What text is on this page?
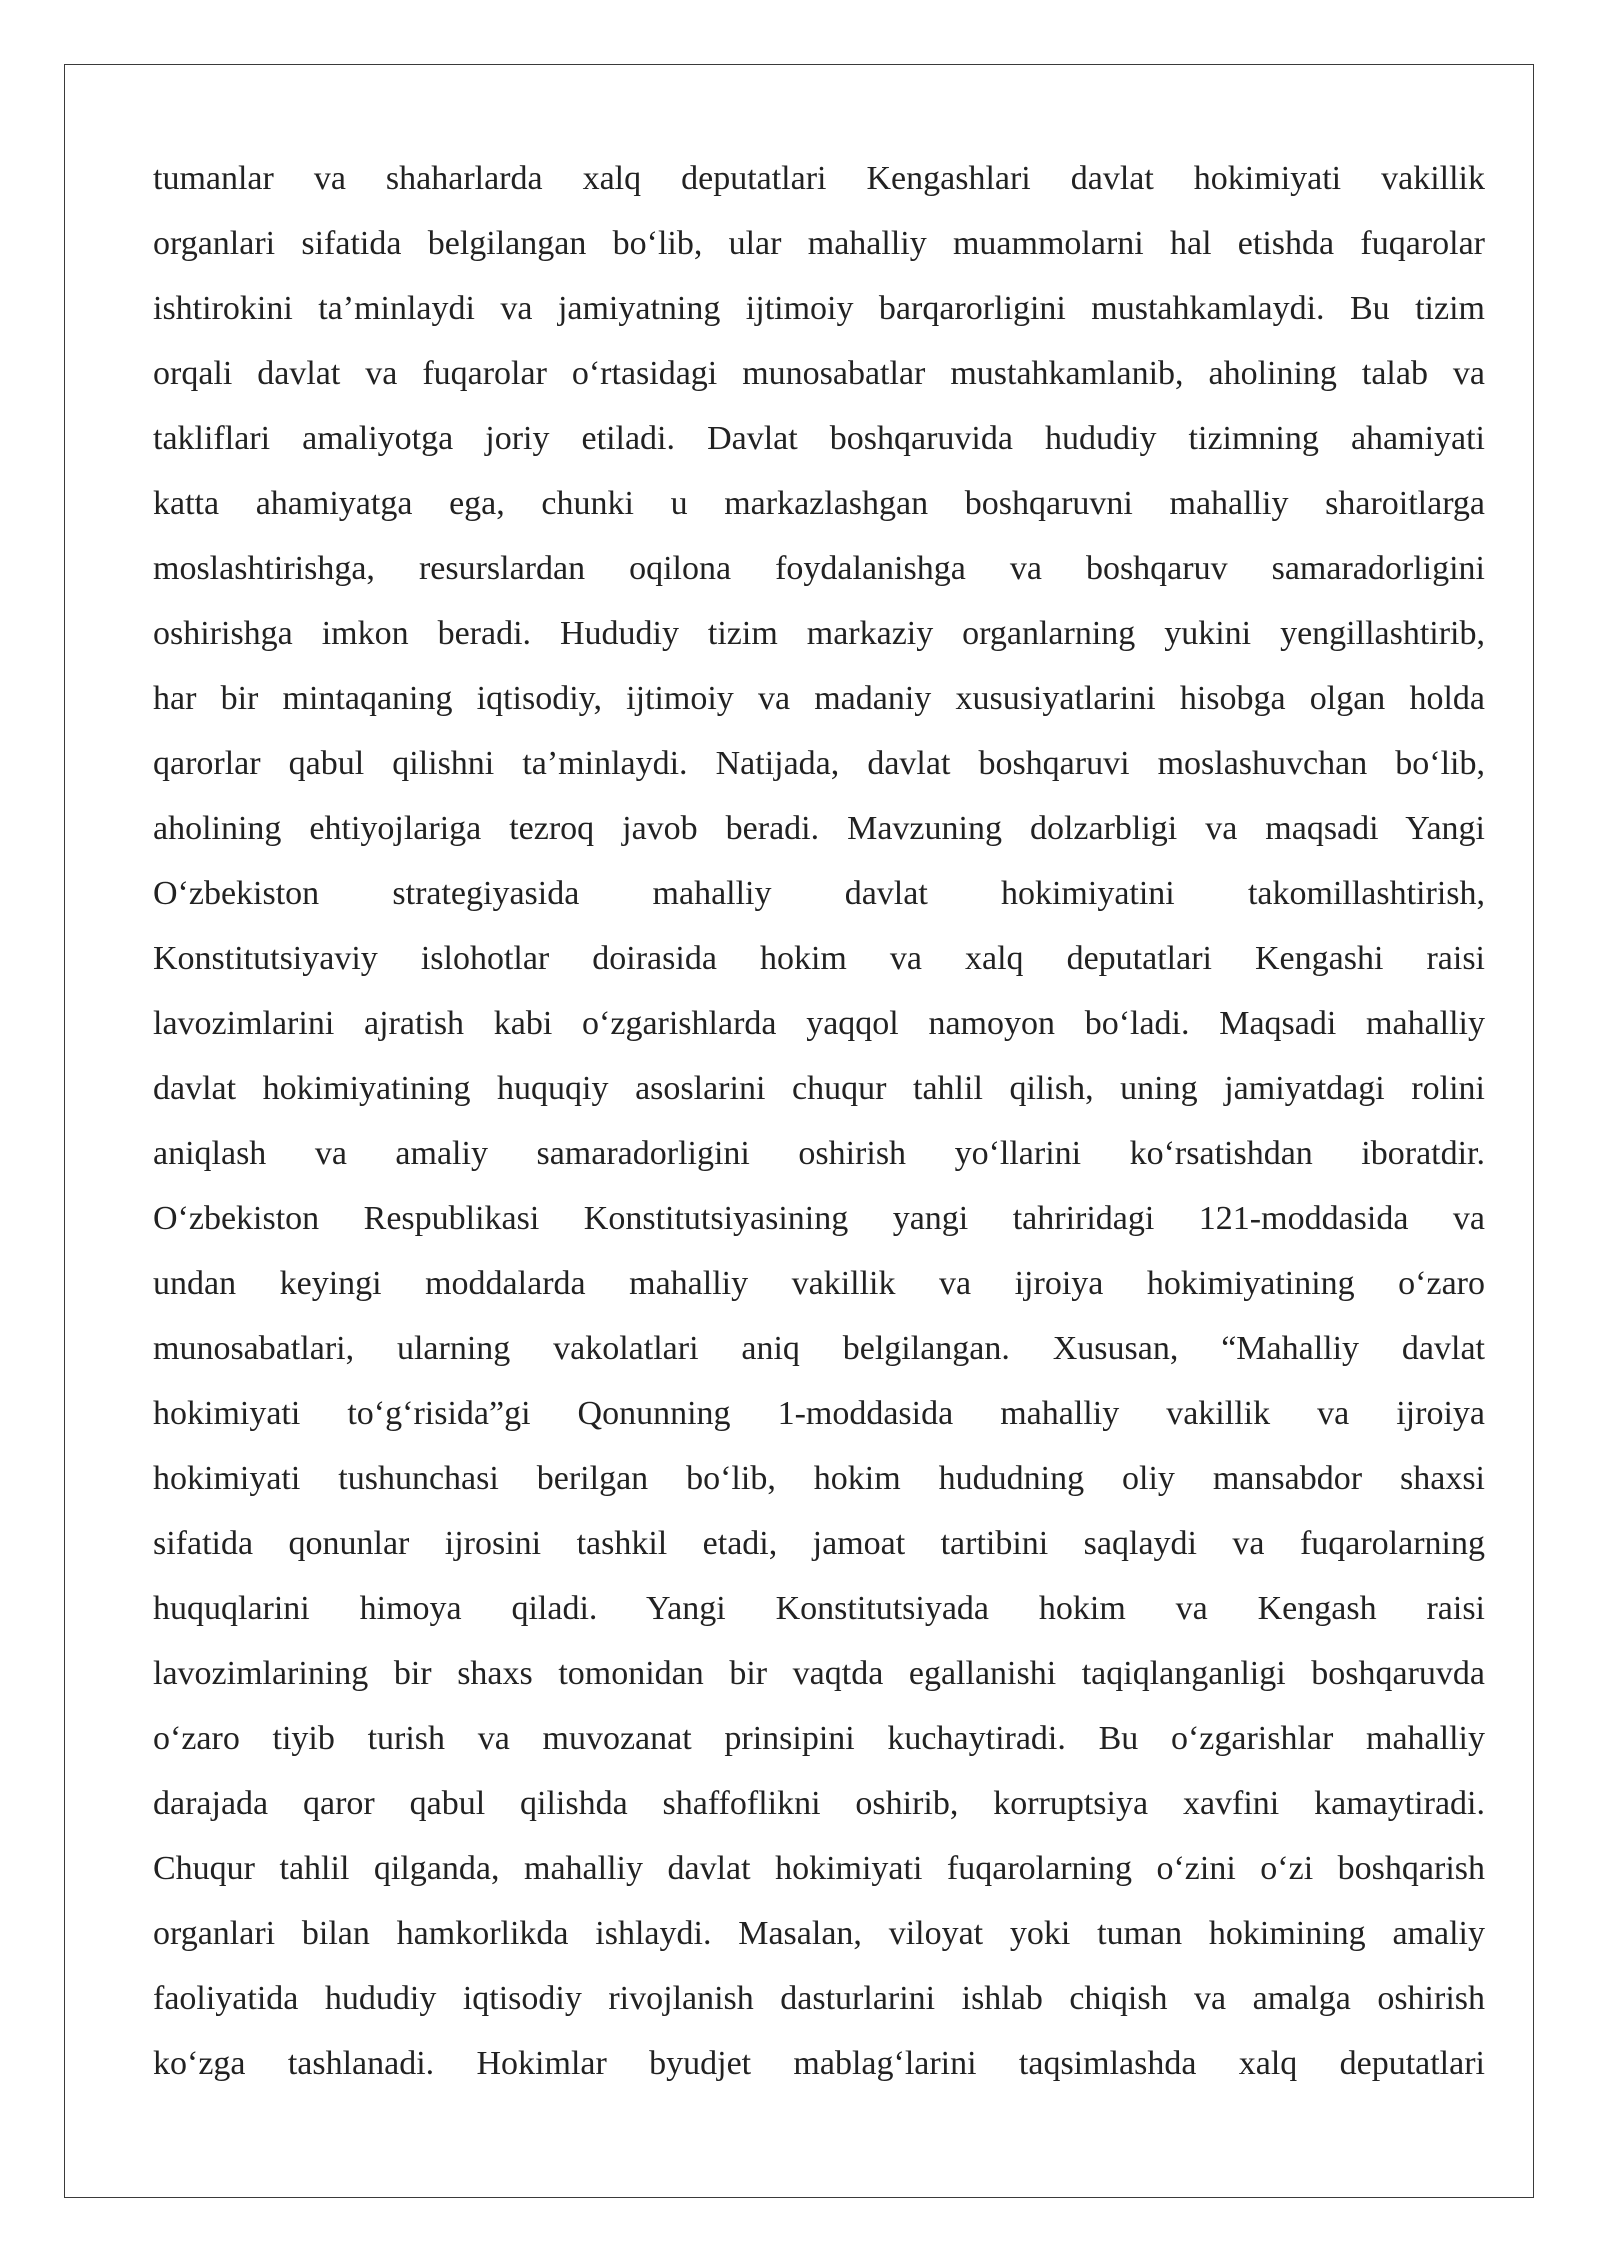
tumanlar va shaharlarda xalq deputatlari Kengashlari davlat hokimiyati vakillik
organlari sifatida belgilangan bo‘lib, ular mahalliy muammolarni hal etishda fuqarolar
ishtirokini ta’minlaydi va jamiyatning ijtimoiy barqarorligini mustahkamlaydi. Bu tizim
orqali davlat va fuqarolar o‘rtasidagi munosabatlar mustahkamlanib, aholining talab va
takliflari amaliyotga joriy etiladi. Davlat boshqaruvida hududiy tizimning ahamiyati
katta ahamiyatga ega, chunki u markazlashgan boshqaruvni mahalliy sharoitlarga
moslashtirishga, resurslardan oqilona foydalanishga va boshqaruv samaradorligini
oshirishga imkon beradi. Hududiy tizim markaziy organlarning yukini yengillashtirib,
har bir mintaqaning iqtisodiy, ijtimoiy va madaniy xususiyatlarini hisobga olgan holda
qarorlar qabul qilishni ta’minlaydi. Natijada, davlat boshqaruvi moslashuvchan bo‘lib,
aholining ehtiyojlariga tezroq javob beradi. Mavzuning dolzarbligi va maqsadi Yangi
O‘zbekiston strategiyasida mahalliy davlat hokimiyatini takomillashtirish,
Konstitutsiyaviy islohotlar doirasida hokim va xalq deputatlari Kengashi raisi
lavozimlarini ajratish kabi o‘zgarishlarda yaqqol namoyon bo‘ladi. Maqsadi mahalliy
davlat hokimiyatining huquqiy asoslarini chuqur tahlil qilish, uning jamiyatdagi rolini
aniqlash va amaliy samaradorligini oshirish yo‘llarini ko‘rsatishdan iboratdir.
O‘zbekiston Respublikasi Konstitutsiyasining yangi tahriridagi 121-moddasida va
undan keyingi moddalarda mahalliy vakillik va ijroiya hokimiyatining o‘zaro
munosabatlari, ularning vakolatlari aniq belgilangan. Xususan, “Mahalliy davlat
hokimiyati to‘g‘risida”gi Qonunning 1-moddasida mahalliy vakillik va ijroiya
hokimiyati tushunchasi berilgan bo‘lib, hokim hududning oliy mansabdor shaxsi
sifatida qonunlar ijrosini tashkil etadi, jamoat tartibini saqlaydi va fuqarolarning
huquqlarini himoya qiladi. Yangi Konstitutsiyada hokim va Kengash raisi
lavozimlarining bir shaxs tomonidan bir vaqtda egallanishi taqiqlanganligi boshqaruvda
o‘zaro tiyib turish va muvozanat prinsipini kuchaytiradi. Bu o‘zgarishlar mahalliy
darajada qaror qabul qilishda shaffoflikni oshirib, korruptsiya xavfini kamaytiradi.
Chuqur tahlil qilganda, mahalliy davlat hokimiyati fuqarolarning o‘zini o‘zi boshqarish
organlari bilan hamkorlikda ishlaydi. Masalan, viloyat yoki tuman hokimining amaliy
faoliyatida hududiy iqtisodiy rivojlanish dasturlarini ishlab chiqish va amalga oshirish
ko‘zga tashlanadi. Hokimlar byudjet mablag‘larini taqsimlashda xalq deputatlari
